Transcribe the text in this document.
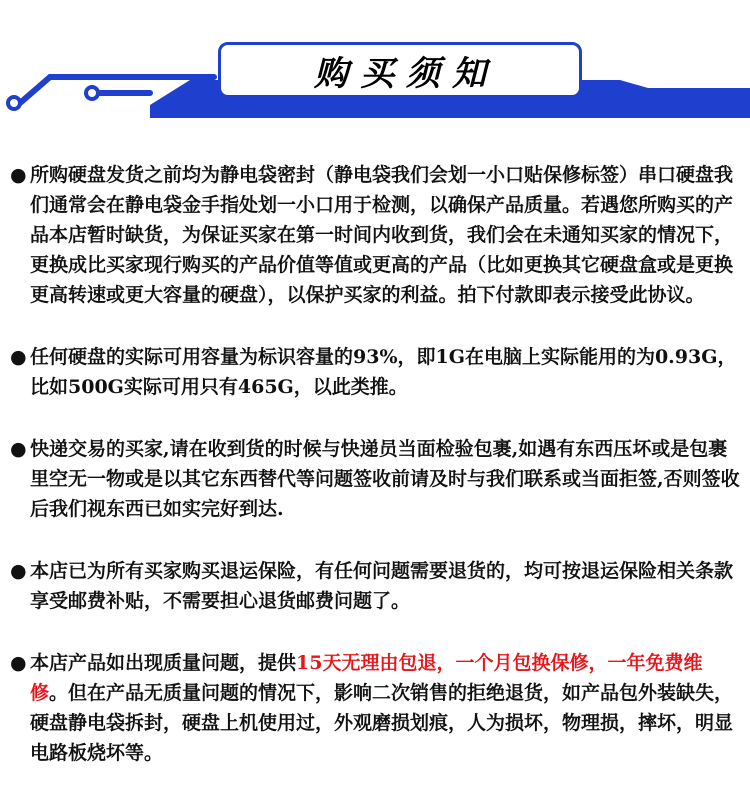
购买须知
● 所购硬盘发货之前均为静电袋密封（静电袋我们会划一小口贴保修标签）串口硬盘我们通常会在静电袋金手指处划一小口用于检测，以确保产品质量。若遇您所购买的产品本店暂时缺货，为保证买家在第一时间内收到货，我们会在未通知买家的情况下，更换成比买家现行购买的产品价值等值或更高的产品（比如更换其它硬盘盒或是更换更高转速或更大容量的硬盘），以保护买家的利益。拍下付款即表示接受此协议。
● 任何硬盘的实际可用容量为标识容量的93%，即1G在电脑上实际能用的为0.93G，比如500G实际可用只有465G，以此类推。
● 快递交易的买家,请在收到货的时候与快递员当面检验包裹,如遇有东西压坏或是包裹里空无一物或是以其它东西替代等问题签收前请及时与我们联系或当面拒签,否则签收后我们视东西已如实完好到达.
● 本店已为所有买家购买退运保险，有任何问题需要退货的，均可按退运保险相关条款享受邮费补贴，不需要担心退货邮费问题了。
● 本店产品如出现质量问题，提供15天无理由包退，一个月包换保修，一年免费维修。但在产品无质量问题的情况下，影响二次销售的拒绝退货，如产品包外装缺失，硬盘静电袋拆封，硬盘上机使用过，外观磨损划痕，人为损坏，物理损，摔坏，明显电路板烧坏等。
